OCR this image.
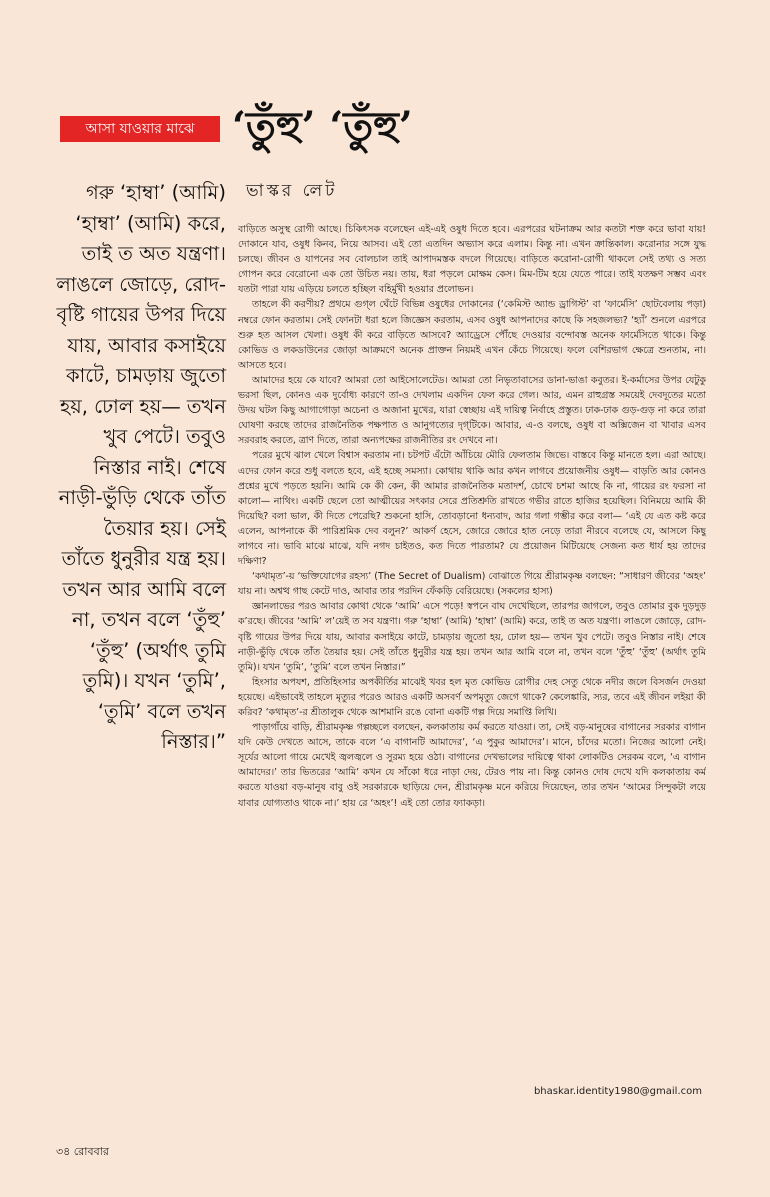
আসা যাওয়ার মাঝে ‘তুঁহু’ ‘তুঁহু’
ভাস্কর লেট
গরু ‘হাম্বা’ (আমি) ‘হাম্বা’ (আমি) করে, তাই ত অত যন্ত্রণা। লাঙলে জোড়ে, রোদ-বৃষ্টি গায়ের উপর দিয়ে যায়, আবার কসাইয়ে কাটে, চামড়ায় জুতো হয়, ঢোল হয়— তখন খুব পেটে। তবুও নিস্তার নাই। শেষে নাড়ী-ভুঁড়ি থেকে তাঁত তৈয়ার হয়। সেই তাঁতে ধুনুরীর যন্ত্র হয়। তখন আর আমি বলে না, তখন বলে ‘তুঁহু’ ‘তুঁহু’ (অর্থাৎ তুমি তুমি)। যখন ‘তুমি’, ‘তুমি’ বলে তখন নিস্তার।”

বাড়িতে অসুস্থ রোগী আছে। চিকিৎসক বলেছেন এই-এই ওষুধ দিতে হবে। এরপরের ঘটনাক্রম আর কতটা শক্ত করে ভাবা যায়! দোকানে যাব, ওষুধ কিনব, নিয়ে আসব। এই তো এতদিন অভ্যাস করে এলাম। কিন্তু না। এখন ক্রান্তিকাল। করোনার সঙ্গে যুদ্ধ চলছে। জীবন ও যাপনের সব বোলচাল তাই আপাদমস্তক বদলে গিয়েছে। বাড়িতে করোনা-রোগী থাকলে সেই তথ্য ও সত্য গোপন করে বেরোনো এক তো উচিত নয়। তায়, ধরা পড়লে মোক্ষম কেস। মিম-টিম হয়ে যেতে পারে। তাই যতক্ষণ সম্ভব এবং যতটা পারা যায় এড়িয়ে চলতে হচ্ছিল বহির্মুখী হওয়ার প্রলোভন।

তাহলে কী করণীয়? প্রথমে গুগ্‌ল ঘেঁটে বিভিন্ন ওষুধের দোকানের (‘কেমিস্ট অ্যান্ড ড্রাগিস্ট’ বা ‘ফার্মেসি’ ছোটবেলায় পড়া) নম্বরে ফোন করতাম। সেই ফোনটা ধরা হলে জিজ্ঞেস করতাম, এসব ওষুধ আপনাদের কাছে কি সহজলভ্য? ‘হ্যাঁ’ শুনলে এরপরে শুরু হত আসল খেলা। ওষুধ কী করে বাড়িতে আসবে? অ্যাড্রেসে পৌঁছে দেওয়ার বন্দোবস্ত অনেক ফার্মেসিতে থাকে। কিন্তু কোভিড ও লকডাউনের জোড়া আক্রমণে অনেক প্রাক্তন নিয়মই এখন কেঁচে গিয়েছে। ফলে বেশিরভাগ ক্ষেত্রে শুনতাম, না। আসতে হবে।

আমাদের হয়ে কে যাবে? আমরা তো আইসোলেটেড। আমরা তো নিভৃতাবাসের ডানা-ভাঙা কবুতর। ই-কর্মাসের উপর যেটুকু ভরসা ছিল, কোনও এক দুর্বোধ্য কারণে তা-ও দেখলাম একদিন ফেল করে গেল। আর, এমন রাহুগ্রস্ত সময়েই দেবদূতের মতো উদয় ঘটল কিছু আগাগোড়া অচেনা ও অজানা মুখের, যারা স্বেচ্ছায় এই দায়িত্ব নির্বাহে প্রস্তুত। ঢাক-ঢাক গুড়-গুড় না করে তারা ঘোষণা করছে তাদের রাজনৈতিক পক্ষপাত ও আনুগত্যের দৃগ্‌টিকে। আবার, এ-ও বলছে, ওষুধ বা অক্সিজেন বা খাবার এসব সরবরাহ করতে, ত্রাণ দিতে, তারা অন্যপক্ষের রাজনীতির রং দেখবে না।

পরের মুখে ঝাল খেলে বিশ্বাস করতাম না। চটপট এঁটো আঁচিয়ে মৌরি ফেলতাম জিভে। বাস্তবে কিন্তু মানতে হল। এরা আছে। এদের ফোন করে শুধু বলতে হবে, এই হচ্ছে সমস্যা। কোথায় থাকি আর কখন লাগবে প্রয়োজনীয় ওষুধ— বাড়তি আর কোনও প্রশ্নের মুখে পড়তে হয়নি। আমি কে কী কেন, কী আমার রাজনৈতিক মতাদর্শ, চোখে চশমা আছে কি না, গায়ের রং ফরসা না কালো— নাথিং। একটি ছেলে তো আত্মীয়ের সৎকার সেরে প্রতিশ্রুতি রাখতে গভীর রাতে হাজির হয়েছিল। বিনিময়ে আমি কী দিয়েছি? বলা ভাল, কী দিতে পেরেছি? শুকনো হাসি, তোবড়ানো ধন্যবাদ, আর গলা গম্ভীর করে বলা— ‘এই যে এত কষ্ট করে এলেন, আপনাকে কী পারিশ্রমিক দেব বলুন?’ আকর্ণ হেসে, জোরে জোরে হাত নেড়ে তারা নীরবে বলেছে যে, আসলে কিছু লাগবে না। ভাবি মাঝে মাঝে, যদি নগদ চাইতও, কত দিতে পারতাম? যে প্রয়োজন মিটিয়েছে সেজন্য কত ধার্য হয় তাদের দক্ষিণা?

‘কথামৃত’-য় ‘ভক্তিযোগের রহস্য’ (The Secret of Dualism) বোঝাতে গিয়ে শ্রীরামকৃষ্ণ বলছেন: “সাধারণ জীবের ‘অহং’ যায় না। অশ্বত্থ গাছ কেটে দাও, আবার তার পরদিন ফেঁকড়ি বেরিয়েছে। (সকলের হাস্য)

জ্ঞানলাভের পরও আবার কোথা থেকে ‘আমি’ এসে পড়ে! স্বপনে বাঘ দেখেছিলে, তারপর জাগলে, তবুও তোমার বুক দুড়দুড় ক’রছে। জীবের ‘আমি’ ল’য়েই ত সব যন্ত্রণা। গরু ‘হাম্বা’ (আমি) ‘হাম্বা’ (আমি) করে, তাই ত অত যন্ত্রণা। লাঙলে জোড়ে, রোদ-বৃষ্টি গায়ের উপর দিয়ে যায়, আবার কসাইয়ে কাটে, চামড়ায় জুতো হয়, ঢোল হয়— তখন খুব পেটে। তবুও নিস্তার নাই। শেষে নাড়ী-ভুঁড়ি থেকে তাঁত তৈয়ার হয়। সেই তাঁতে ধুনুরীর যন্ত্র হয়। তখন আর আমি বলে না, তখন বলে ‘তুঁহু’ ‘তুঁহু’ (অর্থাৎ তুমি তুমি)। যখন ‘তুমি’, ‘তুমি’ বলে তখন নিস্তার।”

হিংসার অপযশ, প্রতিহিংসার অপকীর্তির মাঝেই খবর হল মৃত কোভিড রোগীর দেহ সেতু থেকে নদীর জলে বিসর্জন দেওয়া হয়েছে। এইভাবেই তাহলে মৃত্যুর পরেও আরও একটি অসবর্ণ অপমৃত্যু জেগে থাকে? কেলেঙ্কারি, স্যর, তবে এই জীবন লইয়া কী করিব? ‘কথামৃত’-র শ্রীতালুক থেকে আশমানি রঙে বোনা একটি গল্প দিয়ে সমাপ্তি লিখি।

পাড়াগাঁয়ে বাড়ি, শ্রীরামকৃষ্ণ গল্পচ্ছলে বলছেন, কলকাতায় কর্ম করতে যাওয়া। তা, সেই বড়-মানুষের বাগানের সরকার বাগান যদি কেউ দেখতে আসে, তাকে বলে ‘এ বাগানটি আমাদের’, ‘এ পুকুর আমাদের’। মানে, চাঁদের মতো। নিজের আলো নেই। সূর্যের আলো গায়ে মেখেই জ্বলজ্বলে ও সুরম্য হয়ে ওঠা। বাগানের দেখভালের দায়িত্বে থাকা লোকটিও সেরকম বলে, ‘এ বাগান আমাদের।’ তার ভিতরের ‘আমি’ কখন যে সাঁকো ধরে নাড়া দেয়, টেরও পায় না। কিন্তু কোনও দোষ দেখে যদি কলকাতায় কর্ম করতে যাওয়া বড়-মানুষ বাবু ওই সরকারকে ছাড়িয়ে দেন, শ্রীরামকৃষ্ণ মনে করিয়ে দিয়েছেন, তার তখন ‘আমের সিন্দুকটা লয়ে যাবার যোগ্যতাও থাকে না।’ হায় রে ‘অহং’! এই তো তোর ফ্যাকড়া।

bhaskar.identity1980@gmail.com
৩৪ রোববার
